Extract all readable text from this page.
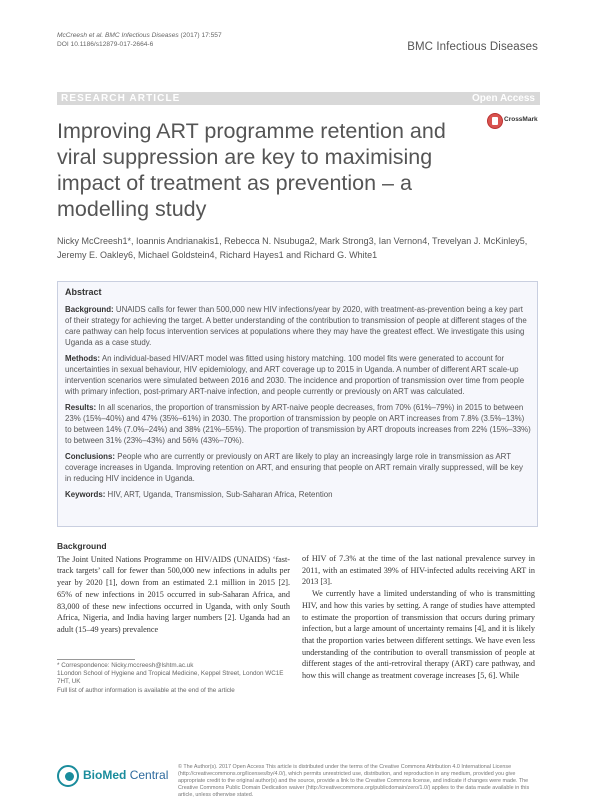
McCreesh et al. BMC Infectious Diseases (2017) 17:557
DOI 10.1186/s12879-017-2664-6	BMC Infectious Diseases
RESEARCH ARTICLE	Open Access
Improving ART programme retention and viral suppression are key to maximising impact of treatment as prevention – a modelling study
CrossMark
Nicky McCreesh1*, Ioannis Andrianakis1, Rebecca N. Nsubuga2, Mark Strong3, Ian Vernon4, Trevelyan J. McKinley5, Jeremy E. Oakley6, Michael Goldstein4, Richard Hayes1 and Richard G. White1
Abstract

Background: UNAIDS calls for fewer than 500,000 new HIV infections/year by 2020, with treatment-as-prevention being a key part of their strategy for achieving the target. A better understanding of the contribution to transmission of people at different stages of the care pathway can help focus intervention services at populations where they may have the greatest effect. We investigate this using Uganda as a case study.

Methods: An individual-based HIV/ART model was fitted using history matching. 100 model fits were generated to account for uncertainties in sexual behaviour, HIV epidemiology, and ART coverage up to 2015 in Uganda. A number of different ART scale-up intervention scenarios were simulated between 2016 and 2030. The incidence and proportion of transmission over time from people with primary infection, post-primary ART-naive infection, and people currently or previously on ART was calculated.

Results: In all scenarios, the proportion of transmission by ART-naive people decreases, from 70% (61%–79%) in 2015 to between 23% (15%–40%) and 47% (35%–61%) in 2030. The proportion of transmission by people on ART increases from 7.8% (3.5%–13%) to between 14% (7.0%–24%) and 38% (21%–55%). The proportion of transmission by ART dropouts increases from 22% (15%–33%) to between 31% (23%–43%) and 56% (43%–70%).

Conclusions: People who are currently or previously on ART are likely to play an increasingly large role in transmission as ART coverage increases in Uganda. Improving retention on ART, and ensuring that people on ART remain virally suppressed, will be key in reducing HIV incidence in Uganda.

Keywords: HIV, ART, Uganda, Transmission, Sub-Saharan Africa, Retention

Background

The Joint United Nations Programme on HIV/AIDS (UNAIDS) ‘fast-track targets’ call for fewer than 500,000 new infections in adults per year by 2020 [1], down from an estimated 2.1 million in 2015 [2]. 65% of new infections in 2015 occurred in sub-Saharan Africa, and 83,000 of these new infections occurred in Uganda, with only South Africa, Nigeria, and India having larger numbers [2]. Uganda had an adult (15–49 years) prevalence

of HIV of 7.3% at the time of the last national prevalence survey in 2011, with an estimated 39% of HIV-infected adults receiving ART in 2013 [3].

We currently have a limited understanding of who is transmitting HIV, and how this varies by setting. A range of studies have attempted to estimate the proportion of transmission that occurs during primary infection, but a large amount of uncertainty remains [4], and it is likely that the proportion varies between different settings. We have even less understanding of the contribution to overall transmission of people at different stages of the anti-retroviral therapy (ART) care pathway, and how this will change as treatment coverage increases [5, 6]. While

* Correspondence: Nicky.mccreesh@lshtm.ac.uk

1London School of Hygiene and Tropical Medicine, Keppel Street, London WC1E 7HT, UK

Full list of author information is available at the end of the article

BioMed Central

© The Author(s). 2017 Open Access This article is distributed under the terms of the Creative Commons Attribution 4.0 International License (http://creativecommons.org/licenses/by/4.0/), which permits unrestricted use, distribution, and reproduction in any medium, provided you give appropriate credit to the original author(s) and the source, provide a link to the Creative Commons license, and indicate if changes were made. The Creative Commons Public Domain Dedication waiver (http://creativecommons.org/publicdomain/zero/1.0/) applies to the data made available in this article, unless otherwise stated.
